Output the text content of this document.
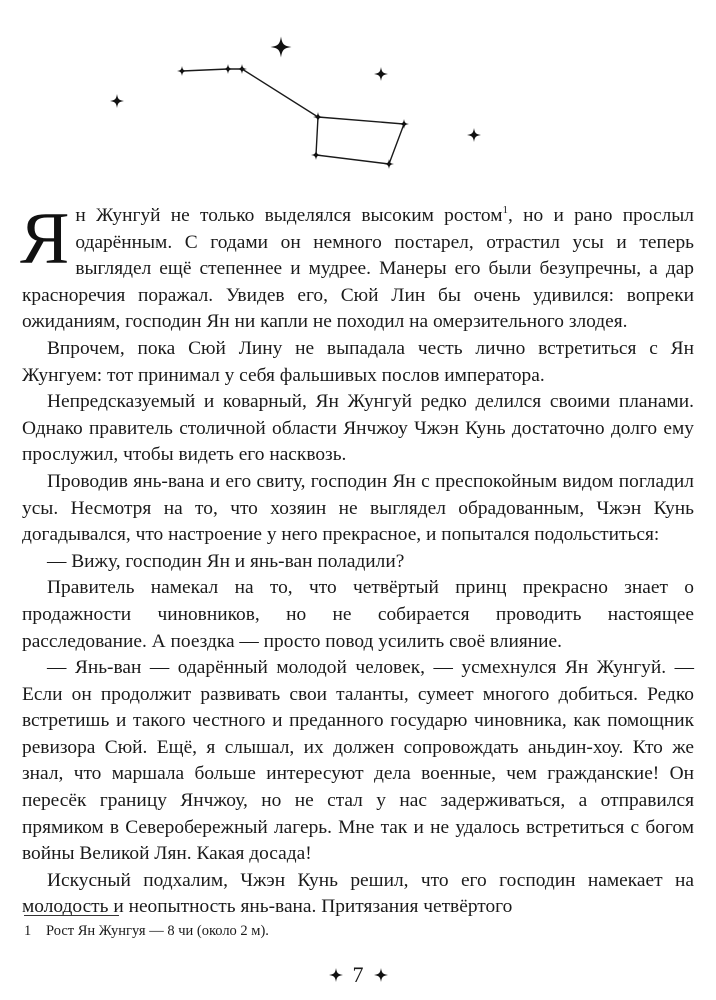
Ян Жунгуй не только выделялся высоким ростом$^1$, но и рано прослыл одарённым. С годами он немного постарел, отрастил усы и теперь выглядел ещё степеннее и мудрее. Манеры его были безупречны, а дар красноречия поражал. Увидев его, Сюй Лин бы очень удивился: вопреки ожиданиям, господин Ян ни капли не походил на омерзительного злодея.

Впрочем, пока Сюй Лину не выпадала честь лично встретиться с Ян Жунгуем: тот принимал у себя фальшивых послов императора.

Непредсказуемый и коварный, Ян Жунгуй редко делился своими планами. Однако правитель столичной области Янчжоу Чжэн Кунь достаточно долго ему прослужил, чтобы видеть его насквозь.

Проводив янь-вана и его свиту, господин Ян с преспокойным видом погладил усы. Несмотря на то, что хозяин не выглядел обрадованным, Чжэн Кунь догадывался, что настроение у него прекрасное, и попытался подольститься:

— Вижу, господин Ян и янь-ван поладили?

Правитель намекал на то, что четвёртый принц прекрасно знает о продажности чиновников, но не собирается проводить настоящее расследование. А поездка — просто повод усилить своё влияние.

— Янь-ван — одарённый молодой человек, — усмехнулся Ян Жунгуй. — Если он продолжит развивать свои таланты, сумеет многого добиться. Редко встретишь и такого честного и преданного государю чиновника, как помощник ревизора Сюй. Ещё, я слышал, их должен сопровождать аньдин-хоу. Кто же знал, что маршала больше интересуют дела военные, чем гражданские! Он пересёк границу Янчжоу, но не стал у нас задерживаться, а отправился прямиком в Северобережный лагерь. Мне так и не удалось встретиться с богом войны Великой Лян. Какая досада!

Искусный подхалим, Чжэн Кунь решил, что его господин намекает на молодость и неопытность янь-вана. Притязания четвёртого

1 Рост Ян Жунгуя — 8 чи (около 2 м).
7
